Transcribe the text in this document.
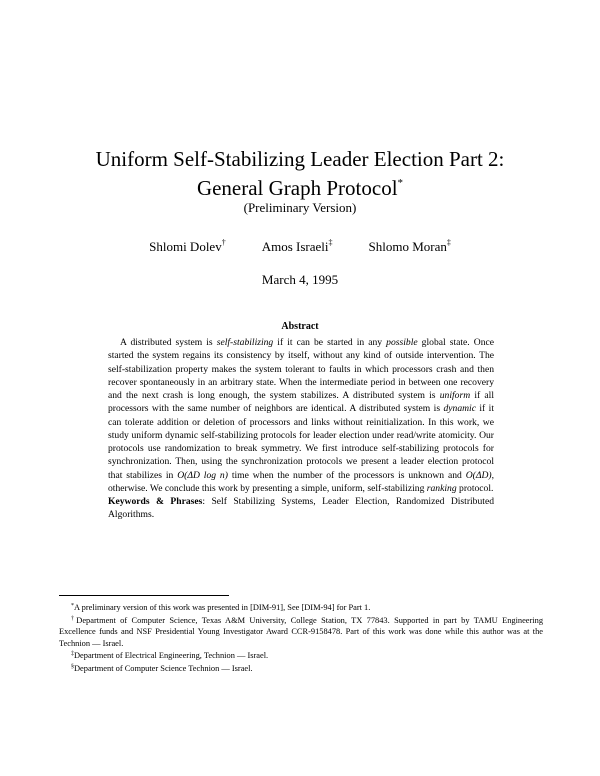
Uniform Self-Stabilizing Leader Election Part 2:
General Graph Protocol*
(Preliminary Version)
Shlomi Dolev†	Amos Israeli‡	Shlomo Moran‡
March 4, 1995
Abstract

A distributed system is self-stabilizing if it can be started in any possible global state. Once started the system regains its consistency by itself, without any kind of outside intervention. The self-stabilization property makes the system tolerant to faults in which processors crash and then recover spontaneously in an arbitrary state. When the intermediate period in between one recovery and the next crash is long enough, the system stabilizes. A distributed system is uniform if all processors with the same number of neighbors are identical. A distributed system is dynamic if it can tolerate addition or deletion of processors and links without reinitialization. In this work, we study uniform dynamic self-stabilizing protocols for leader election under read/write atomicity. Our protocols use randomization to break symmetry. We first introduce self-stabilizing protocols for synchronization. Then, using the synchronization protocols we present a leader election protocol that stabilizes in O(ΔD log n) time when the number of the processors is unknown and O(ΔD), otherwise. We conclude this work by presenting a simple, uniform, self-stabilizing ranking protocol.

Keywords & Phrases: Self Stabilizing Systems, Leader Election, Randomized Distributed Algorithms.

*A preliminary version of this work was presented in [DIM-91], See [DIM-94] for Part 1.

†Department of Computer Science, Texas A&M University, College Station, TX 77843. Supported in part by TAMU Engineering Excellence funds and NSF Presidential Young Investigator Award CCR-9158478. Part of this work was done while this author was at the Technion — Israel.

‡Department of Electrical Engineering, Technion — Israel.

§Department of Computer Science Technion — Israel.
